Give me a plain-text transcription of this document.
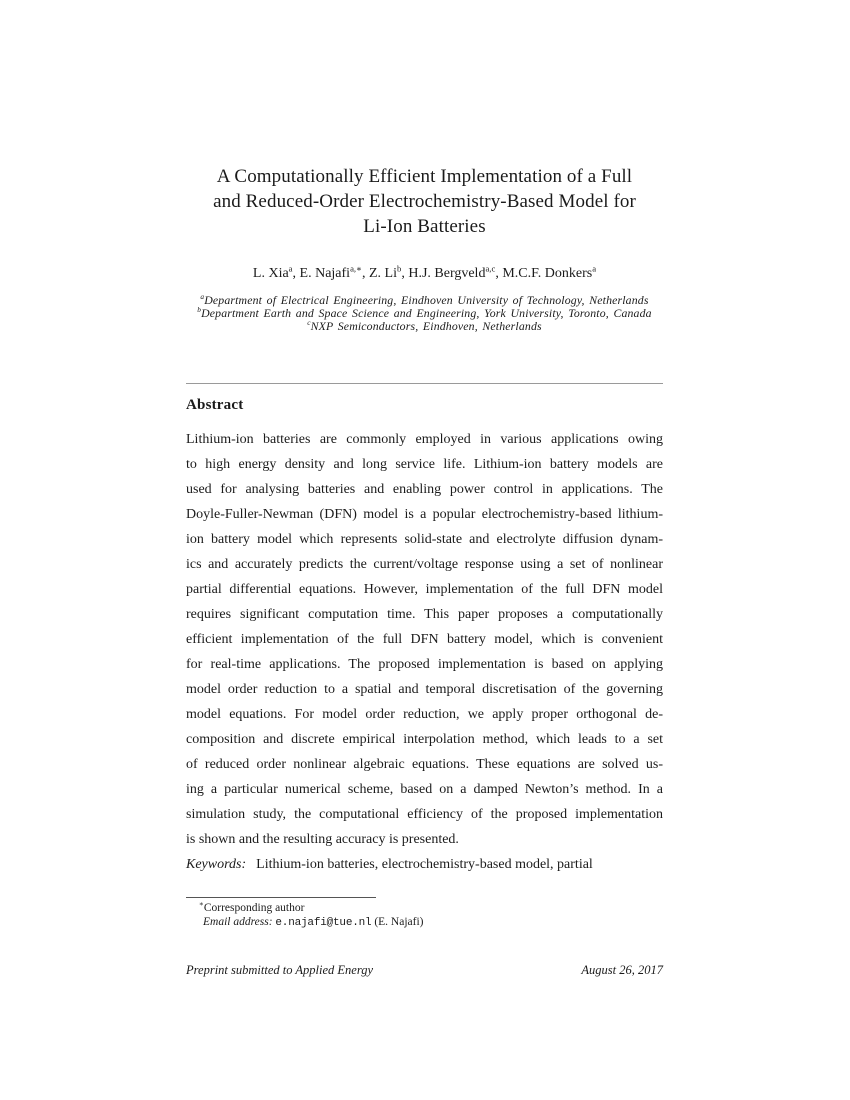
A Computationally Efficient Implementation of a Full
and Reduced-Order Electrochemistry-Based Model for
Li-Ion Batteries
L. Xia$^a$, E. Najafi$^{a,∗}$, Z. Li$^b$, H.J. Bergveld$^{a,c}$, M.C.F. Donkers$^a$
$^a$Department of Electrical Engineering, Eindhoven University of Technology, Netherlands
$^b$Department Earth and Space Science and Engineering, York University, Toronto, Canada
$^c$NXP Semiconductors, Eindhoven, Netherlands
Abstract
Lithium-ion batteries are commonly employed in various applications owing
to high energy density and long service life. Lithium-ion battery models are
used for analysing batteries and enabling power control in applications. The
Doyle-Fuller-Newman (DFN) model is a popular electrochemistry-based lithium-
ion battery model which represents solid-state and electrolyte diffusion dynam-
ics and accurately predicts the current/voltage response using a set of nonlinear
partial differential equations. However, implementation of the full DFN model
requires significant computation time. This paper proposes a computationally
efficient implementation of the full DFN battery model, which is convenient
for real-time applications. The proposed implementation is based on applying
model order reduction to a spatial and temporal discretisation of the governing
model equations. For model order reduction, we apply proper orthogonal de-
composition and discrete empirical interpolation method, which leads to a set
of reduced order nonlinear algebraic equations. These equations are solved us-
ing a particular numerical scheme, based on a damped Newton’s method. In a
simulation study, the computational efficiency of the proposed implementation
is shown and the resulting accuracy is presented.
Keywords: Lithium-ion batteries, electrochemistry-based model, partial
∗Corresponding author
Email address: e.najafi@tue.nl (E. Najafi)
Preprint submitted to Applied Energy	August 26, 2017
